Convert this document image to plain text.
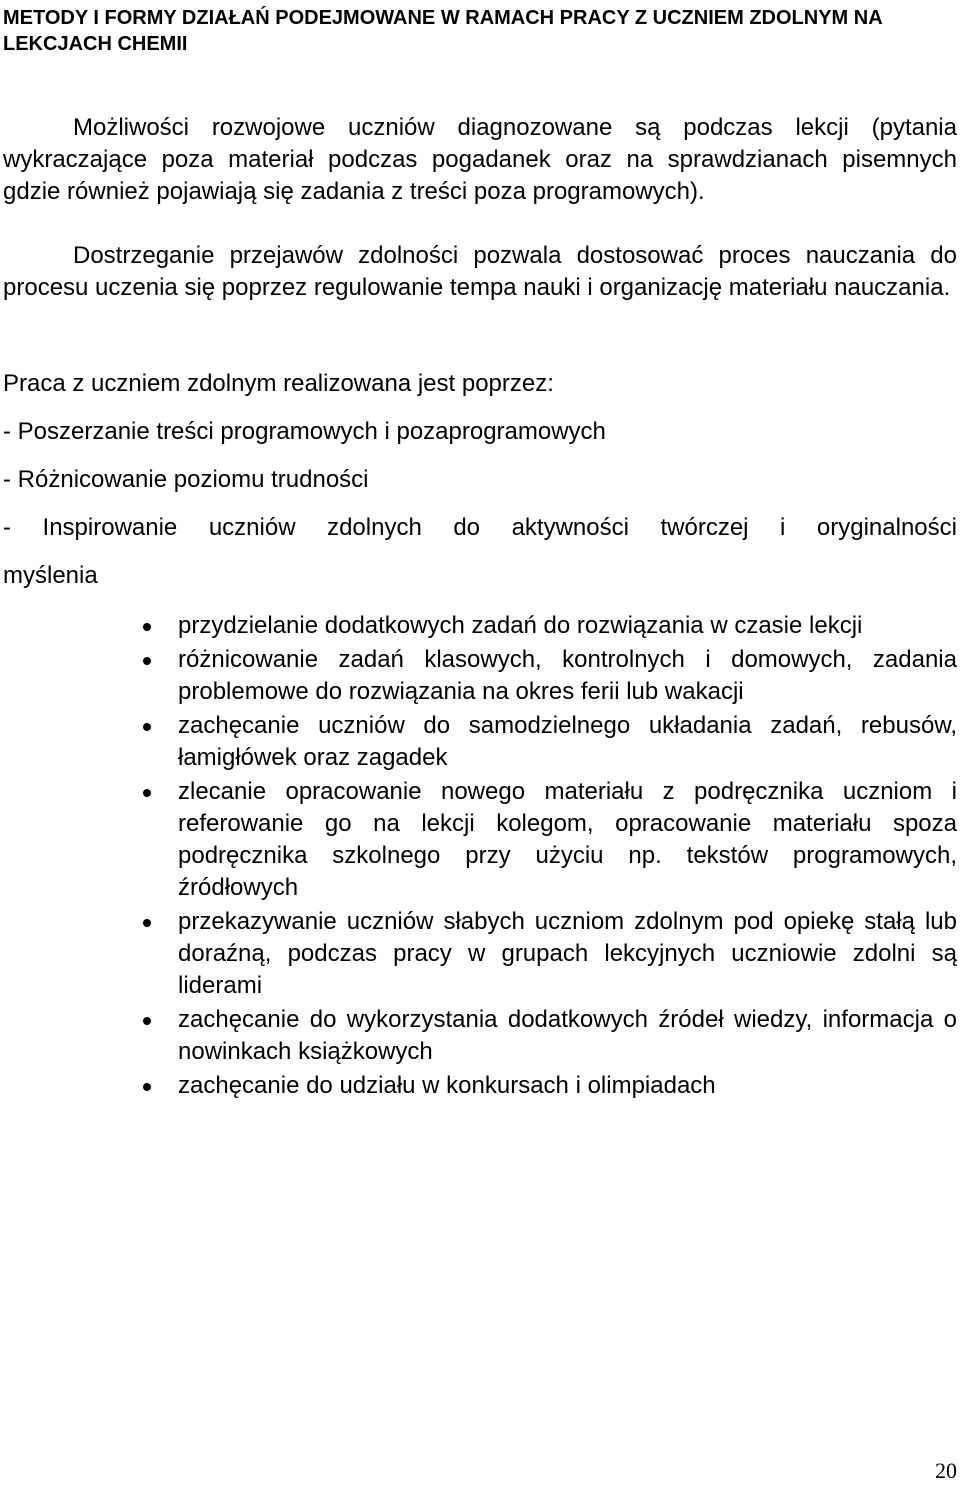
METODY I FORMY DZIAŁAŃ PODEJMOWANE W RAMACH PRACY Z UCZNIEM ZDOLNYM NA LEKCJACH CHEMII

Możliwości rozwojowe uczniów diagnozowane są podczas lekcji (pytania wykraczające poza materiał podczas pogadanek oraz na sprawdzianach pisemnych gdzie również pojawiają się zadania z treści poza programowych).

Dostrzeganie przejawów zdolności pozwala dostosować proces nauczania do procesu uczenia się poprzez regulowanie tempa nauki i organizację materiału nauczania.

Praca z uczniem zdolnym realizowana jest poprzez:

- Poszerzanie treści programowych i pozaprogramowych

- Różnicowanie poziomu trudności

- Inspirowanie uczniów zdolnych do aktywności twórczej i oryginalności

myślenia

przydzielanie dodatkowych zadań do rozwiązania w czasie lekcji
różnicowanie zadań klasowych, kontrolnych i domowych, zadania problemowe do rozwiązania na okres ferii lub wakacji
zachęcanie uczniów do samodzielnego układania zadań, rebusów, łamigłówek oraz zagadek
zlecanie opracowanie nowego materiału z podręcznika uczniom i referowanie go na lekcji kolegom, opracowanie materiału spoza podręcznika szkolnego przy użyciu np. tekstów programowych, źródłowych
przekazywanie uczniów słabych uczniom zdolnym pod opiekę stałą lub doraźną, podczas pracy w grupach lekcyjnych uczniowie zdolni są liderami
zachęcanie do wykorzystania dodatkowych źródeł wiedzy, informacja o nowinkach książkowych
zachęcanie do udziału w konkursach i olimpiadach
20
